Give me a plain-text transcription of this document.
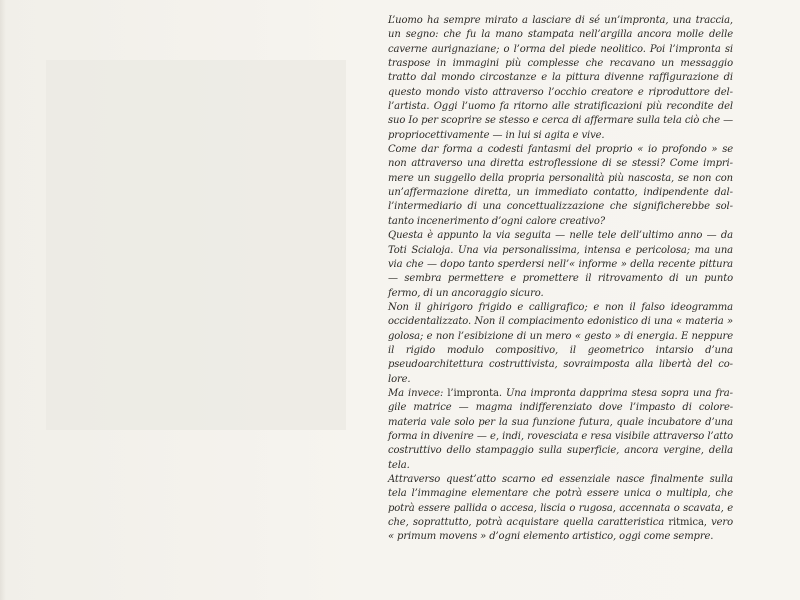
L’uomo ha sempre mirato a lasciare di sé un’impronta, una traccia, un segno: che fu la mano stampata nell’argilla ancora molle delle caverne aurignaziane; o l’orma del piede neolitico. Poi l’impronta si traspose in immagini più complesse che recavano un messaggio tratto dal mondo circostanze e la pittura divenne raffigurazione di questo mondo visto attraverso l’occhio creatore e riproduttore dell’artista. Oggi l’uomo fa ritorno alle stratificazioni più recondite del suo Io per scoprire se stesso e cerca di affermare sulla tela ciò che — propriocettivamente — in lui si agita e vive.

Come dar forma a codesti fantasmi del proprio « io profondo » se non attraverso una diretta estroflessione di se stessi? Come imprimere un suggello della propria personalità più nascosta, se non con un’affermazione diretta, un immediato contatto, indipendente dall’intermediario di una concettualizzazione che significherebbe soltanto incenerimento d’ogni calore creativo?

Questa è appunto la via seguita — nelle tele dell’ultimo anno — da Toti Scialoja. Una via personalissima, intensa e pericolosa; ma una via che — dopo tanto sperdersi nell’« informe » della recente pittura — sembra permettere e promettere il ritrovamento di un punto fermo, di un ancoraggio sicuro.

Non il ghirigoro frigido e calligrafico; e non il falso ideogramma occidentalizzato. Non il compiacimento edonistico di una « materia » golosa; e non l’esibizione di un mero « gesto » di energia. E neppure il rigido modulo compositivo, il geometrico intarsio d’una pseudoarchitettura costruttivista, sovraimposta alla libertà del colore.

Ma invece: l’impronta. Una impronta dapprima stesa sopra una fragile matrice — magma indifferenziato dove l’impasto di colore-materia vale solo per la sua funzione futura, quale incubatore d’una forma in divenire — e, indi, rovesciata e resa visibile attraverso l’atto costruttivo dello stampaggio sulla superficie, ancora vergine, della tela.

Attraverso quest’atto scarno ed essenziale nasce finalmente sulla tela l’immagine elementare che potrà essere unica o multipla, che potrà essere pallida o accesa, liscia o rugosa, accennata o scavata, e che, soprattutto, potrà acquistare quella caratteristica ritmica, vero « primum movens » d’ogni elemento artistico, oggi come sempre.
